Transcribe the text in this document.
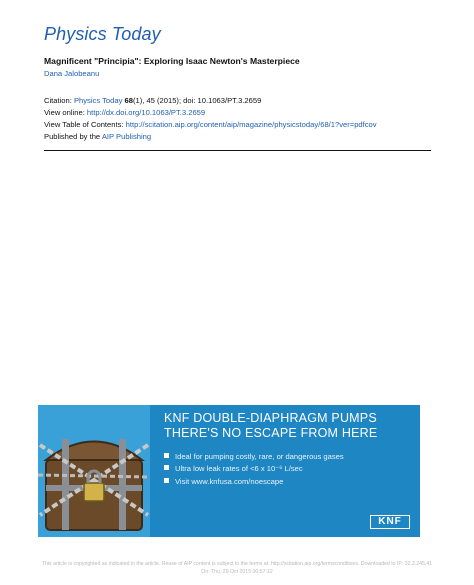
Physics Today
Magnificent "Principia": Exploring Isaac Newton's Masterpiece
Dana Jalobeanu
Citation: Physics Today 68(1), 45 (2015); doi: 10.1063/PT.3.2659
View online: http://dx.doi.org/10.1063/PT.3.2659
View Table of Contents: http://scitation.aip.org/content/aip/magazine/physicstoday/68/1?ver=pdfcov
Published by the AIP Publishing
KNF DOUBLE-DIAPHRAGM PUMPS
THERE'S NO ESCAPE FROM HERE
Ideal for pumping costly, rare, or dangerous gases
Ultra low leak rates of <6 x 10⁻⁶ L/sec
Visit www.knfusa.com/noescape
KNF
This article is copyrighted as indicated in the article. Reuse of AIP content is subject to the terms at: http://scitation.aip.org/termsconditions. Downloaded to IP: 32.2.245.41
On: Thu, 29 Oct 2015 00:57:12
